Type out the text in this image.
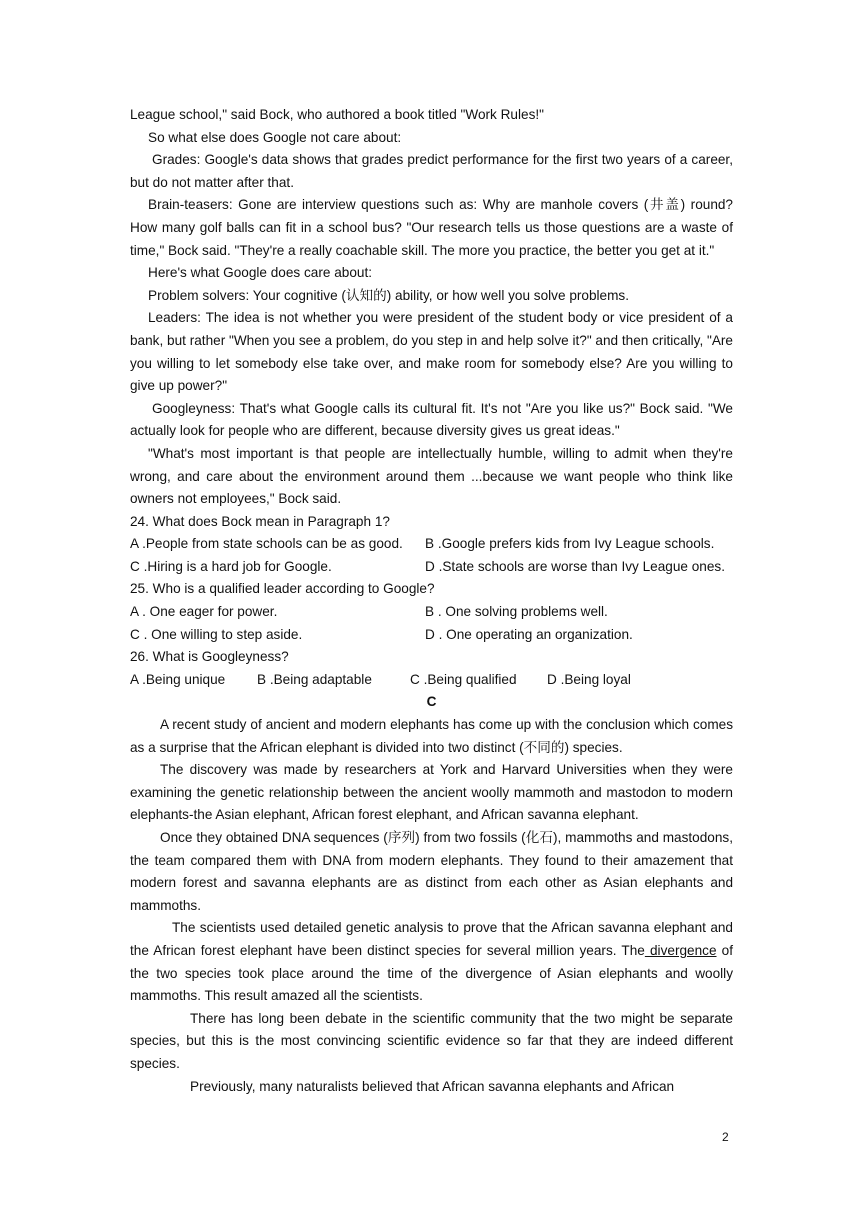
League school," said Bock, who authored a book titled "Work Rules!"

So what else does Google not care about:

Grades: Google's data shows that grades predict performance for the first two years of a career, but do not matter after that.

Brain-teasers: Gone are interview questions such as: Why are manhole covers (井盖) round? How many golf balls can fit in a school bus? "Our research tells us those questions are a waste of time," Bock said. "They're a really coachable skill. The more you practice, the better you get at it."

Here's what Google does care about:

Problem solvers: Your cognitive (认知的) ability, or how well you solve problems.

Leaders: The idea is not whether you were president of the student body or vice president of a bank, but rather "When you see a problem, do you step in and help solve it?" and then critically, "Are you willing to let somebody else take over, and make room for somebody else? Are you willing to give up power?"

Googleyness: That's what Google calls its cultural fit. It's not "Are you like us?" Bock said. "We actually look for people who are different, because diversity gives us great ideas."

"What's most important is that people are intellectually humble, willing to admit when they're wrong, and care about the environment around them ...because we want people who think like owners not employees," Bock said.

24. What does Bock mean in Paragraph 1?

A .People from state schools can be as good.	B .Google prefers kids from Ivy League schools.
C .Hiring is a hard job for Google.	D .State schools are worse than Ivy League ones.

25. Who is a qualified leader according to Google?

A . One eager for power.	B . One solving problems well.
C . One willing to step aside.	D . One operating an organization.

26. What is Googleyness?

A .Being unique	B .Being adaptable	C .Being qualified	D .Being loyal

C

A recent study of ancient and modern elephants has come up with the conclusion which comes as a surprise that the African elephant is divided into two distinct (不同的) species.

The discovery was made by researchers at York and Harvard Universities when they were examining the genetic relationship between the ancient woolly mammoth and mastodon to modern elephants-the Asian elephant, African forest elephant, and African savanna elephant.

Once they obtained DNA sequences (序列) from two fossils (化石), mammoths and mastodons, the team compared them with DNA from modern elephants. They found to their amazement that modern forest and savanna elephants are as distinct from each other as Asian elephants and mammoths.

The scientists used detailed genetic analysis to prove that the African savanna elephant and the African forest elephant have been distinct species for several million years. The divergence of the two species took place around the time of the divergence of Asian elephants and woolly mammoths. This result amazed all the scientists.

There has long been debate in the scientific community that the two might be separate species, but this is the most convincing scientific evidence so far that they are indeed different species.

Previously, many naturalists believed that African savanna elephants and African

2
